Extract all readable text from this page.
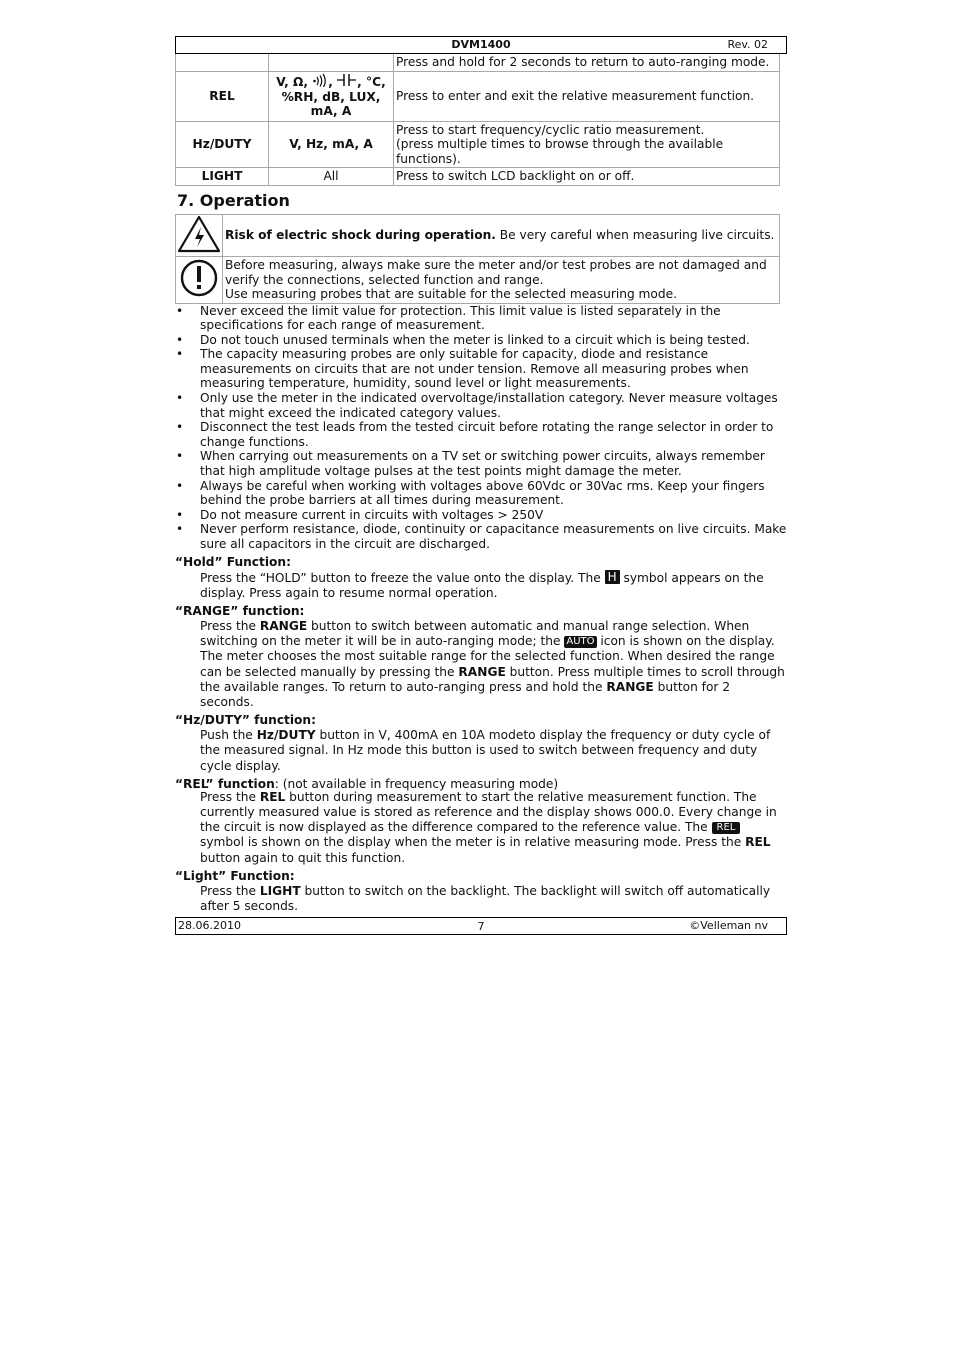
DVM1400	Rev. 02
		Press and hold for 2 seconds to return to auto-ranging mode.
REL	V, Ω, , , °C,
%RH, dB, LUX,
mA, A	Press to enter and exit the relative measurement function.
Hz/DUTY	V, Hz, mA, A	Press to start frequency/cyclic ratio measurement.
(press multiple times to browse through the available functions).
LIGHT	All	Press to switch LCD backlight on or off.
7. Operation
	Risk of electric shock during operation. Be very careful when measuring live circuits.
	Before measuring, always make sure the meter and/or test probes are not damaged and verify the connections, selected function and range.
Use measuring probes that are suitable for the selected measuring mode.
• Never exceed the limit value for protection. This limit value is listed separately in the specifications for each range of measurement.
• Do not touch unused terminals when the meter is linked to a circuit which is being tested.
• The capacity measuring probes are only suitable for capacity, diode and resistance measurements on circuits that are not under tension. Remove all measuring probes when measuring temperature, humidity, sound level or light measurements.
• Only use the meter in the indicated overvoltage/installation category. Never measure voltages that might exceed the indicated category values.
• Disconnect the test leads from the tested circuit before rotating the range selector in order to change functions.
• When carrying out measurements on a TV set or switching power circuits, always remember that high amplitude voltage pulses at the test points might damage the meter.
• Always be careful when working with voltages above 60Vdc or 30Vac rms. Keep your fingers behind the probe barriers at all times during measurement.
• Do not measure current in circuits with voltages > 250V
• Never perform resistance, diode, continuity or capacitance measurements on live circuits. Make sure all capacitors in the circuit are discharged.
“Hold” Function:
Press the “HOLD” button to freeze the value onto the display. The H symbol appears on the display. Press again to resume normal operation.
“RANGE” function:
Press the RANGE button to switch between automatic and manual range selection. When switching on the meter it will be in auto-ranging mode; the AUTO icon is shown on the display. The meter chooses the most suitable range for the selected function. When desired the range can be selected manually by pressing the RANGE button. Press multiple times to scroll through the available ranges. To return to auto-ranging press and hold the RANGE button for 2 seconds.
“Hz/DUTY” function:
Push the Hz/DUTY button in V, 400mA en 10A modeto display the frequency or duty cycle of the measured signal. In Hz mode this button is used to switch between frequency and duty cycle display.
“REL” function: (not available in frequency measuring mode)
Press the REL button during measurement to start the relative measurement function. The currently measured value is stored as reference and the display shows 000.0. Every change in the circuit is now displayed as the difference compared to the reference value. The REL symbol is shown on the display when the meter is in relative measuring mode. Press the REL button again to quit this function.
“Light” Function:
Press the LIGHT button to switch on the backlight. The backlight will switch off automatically after 5 seconds.
28.06.2010	7	©Velleman nv
